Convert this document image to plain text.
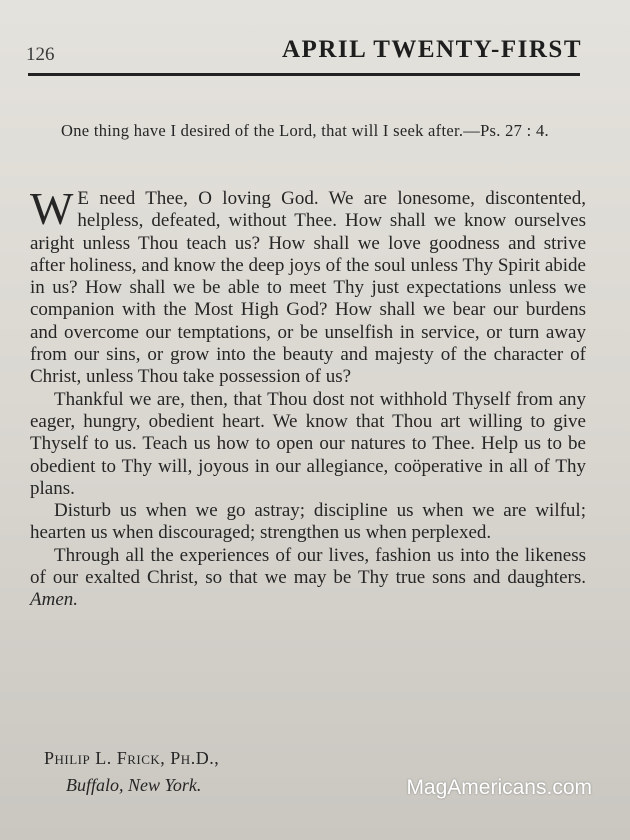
126	APRIL TWENTY-FIRST
One thing have I desired of the Lord, that will I seek after.—Ps. 27 : 4.

W E need Thee, O loving God. We are lonesome, discontented, helpless, defeated, without Thee. How shall we know ourselves aright unless Thou teach us? How shall we love goodness and strive after holiness, and know the deep joys of the soul unless Thy Spirit abide in us? How shall we be able to meet Thy just expectations unless we companion with the Most High God? How shall we bear our burdens and overcome our temptations, or be unselfish in service, or turn away from our sins, or grow into the beauty and majesty of the character of Christ, unless Thou take possession of us?

Thankful we are, then, that Thou dost not withhold Thyself from any eager, hungry, obedient heart. We know that Thou art willing to give Thyself to us. Teach us how to open our natures to Thee. Help us to be obedient to Thy will, joyous in our allegiance, coöperative in all of Thy plans.

Disturb us when we go astray; discipline us when we are wilful; hearten us when discouraged; strengthen us when perplexed.

Through all the experiences of our lives, fashion us into the likeness of our exalted Christ, so that we may be Thy true sons and daughters. Amen.

Philip L. Frick, Ph.D.,
Buffalo, New York.	MagAmericans.com
